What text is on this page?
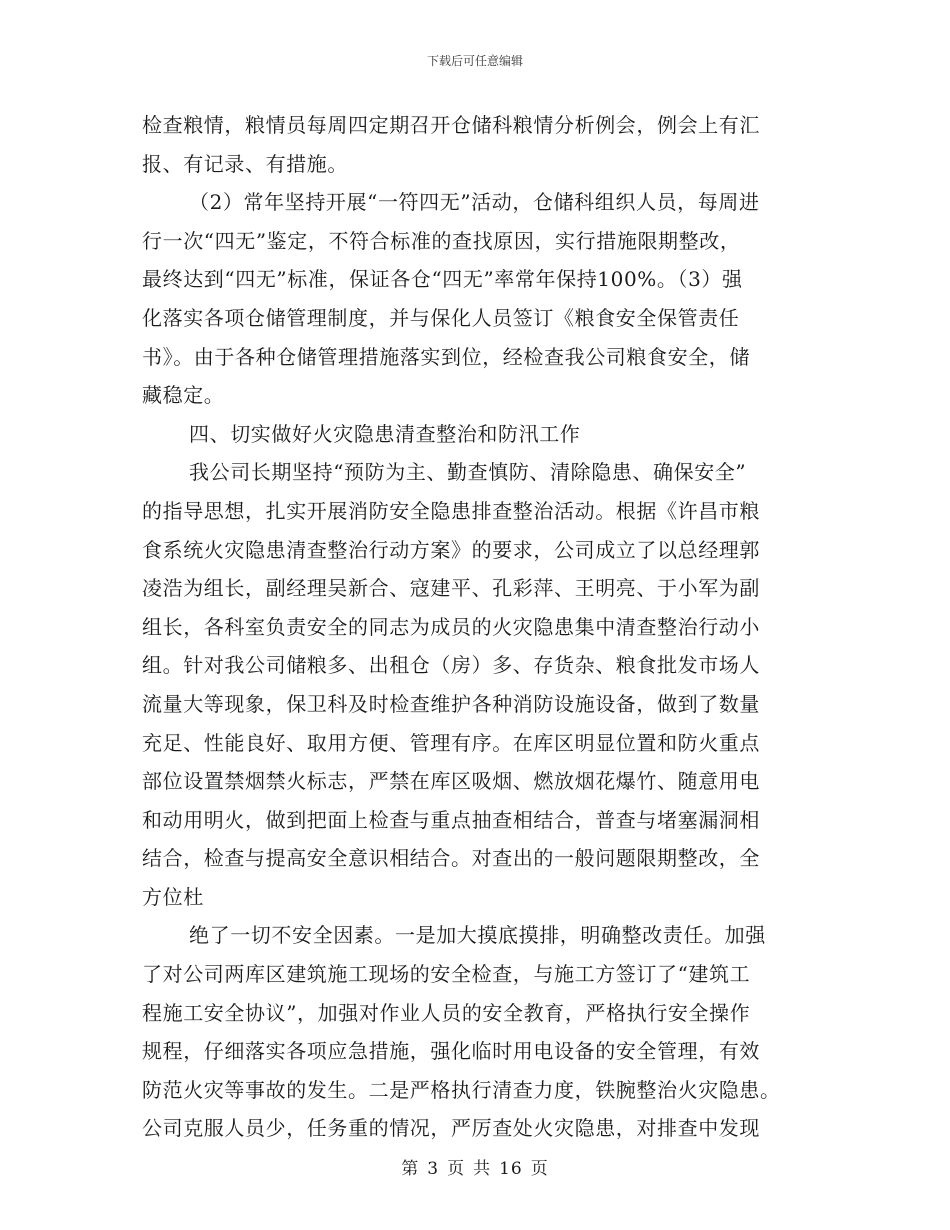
下载后可任意编辑
检查粮情，粮情员每周四定期召开仓储科粮情分析例会，例会上有汇
报、有记录、有措施。
（2）常年坚持开展“一符四无”活动，仓储科组织人员，每周进
行一次“四无”鉴定，不符合标准的查找原因，实行措施限期整改，
最终达到“四无”标准，保证各仓“四无”率常年保持100%。（3）强
化落实各项仓储管理制度，并与保化人员签订《粮食安全保管责任
书》。由于各种仓储管理措施落实到位，经检查我公司粮食安全，储
藏稳定。
四、切实做好火灾隐患清查整治和防汛工作
我公司长期坚持“预防为主、勤查慎防、清除隐患、确保安全”
的指导思想，扎实开展消防安全隐患排查整治活动。根据《许昌市粮
食系统火灾隐患清查整治行动方案》的要求，公司成立了以总经理郭
凌浩为组长，副经理吴新合、寇建平、孔彩萍、王明亮、于小军为副
组长，各科室负责安全的同志为成员的火灾隐患集中清查整治行动小
组。针对我公司储粮多、出租仓（房）多、存货杂、粮食批发市场人
流量大等现象，保卫科及时检查维护各种消防设施设备，做到了数量
充足、性能良好、取用方便、管理有序。在库区明显位置和防火重点
部位设置禁烟禁火标志，严禁在库区吸烟、燃放烟花爆竹、随意用电
和动用明火，做到把面上检查与重点抽查相结合，普查与堵塞漏洞相
结合，检查与提高安全意识相结合。对查出的一般问题限期整改，全
方位杜
绝了一切不安全因素。一是加大摸底摸排，明确整改责任。加强
了对公司两库区建筑施工现场的安全检查，与施工方签订了“建筑工
程施工安全协议”，加强对作业人员的安全教育，严格执行安全操作
规程，仔细落实各项应急措施，强化临时用电设备的安全管理，有效
防范火灾等事故的发生。二是严格执行清查力度，铁腕整治火灾隐患。
公司克服人员少，任务重的情况，严厉查处火灾隐患，对排查中发现
第 3 页 共 16 页
